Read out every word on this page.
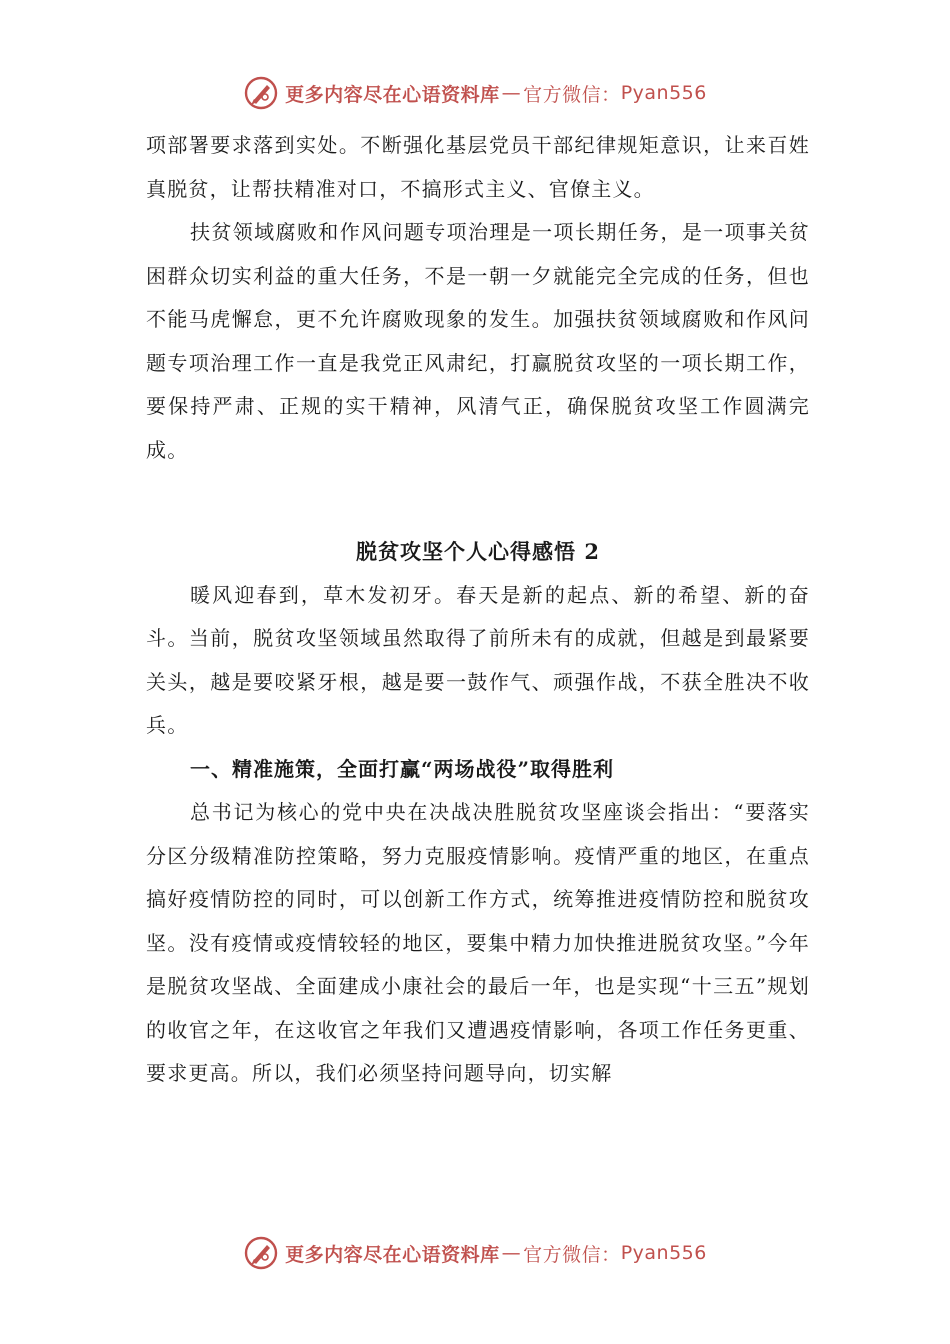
更多内容尽在心语资料库 — 官方微信： Pyan556

项部署要求落到实处。不断强化基层党员干部纪律规矩意识，让来百姓真脱贫，让帮扶精准对口，不搞形式主义、官僚主义。

扶贫领域腐败和作风问题专项治理是一项长期任务，是一项事关贫困群众切实利益的重大任务，不是一朝一夕就能完全完成的任务，但也不能马虎懈怠，更不允许腐败现象的发生。加强扶贫领域腐败和作风问题专项治理工作一直是我党正风肃纪，打赢脱贫攻坚的一项长期工作，要保持严肃、正规的实干精神，风清气正，确保脱贫攻坚工作圆满完成。

脱贫攻坚个人心得感悟 2

暖风迎春到，草木发初牙。春天是新的起点、新的希望、新的奋斗。当前，脱贫攻坚领域虽然取得了前所未有的成就，但越是到最紧要关头，越是要咬紧牙根，越是要一鼓作气、顽强作战，不获全胜决不收兵。

一、精准施策，全面打赢“两场战役”取得胜利

总书记为核心的党中央在决战决胜脱贫攻坚座谈会指出：“要落实分区分级精准防控策略，努力克服疫情影响。疫情严重的地区，在重点搞好疫情防控的同时，可以创新工作方式，统筹推进疫情防控和脱贫攻坚。没有疫情或疫情较轻的地区，要集中精力加快推进脱贫攻坚。”今年是脱贫攻坚战、全面建成小康社会的最后一年，也是实现“十三五”规划的收官之年，在这收官之年我们又遭遇疫情影响，各项工作任务更重、要求更高。所以，我们必须坚持问题导向，切实解

更多内容尽在心语资料库 — 官方微信： Pyan556
